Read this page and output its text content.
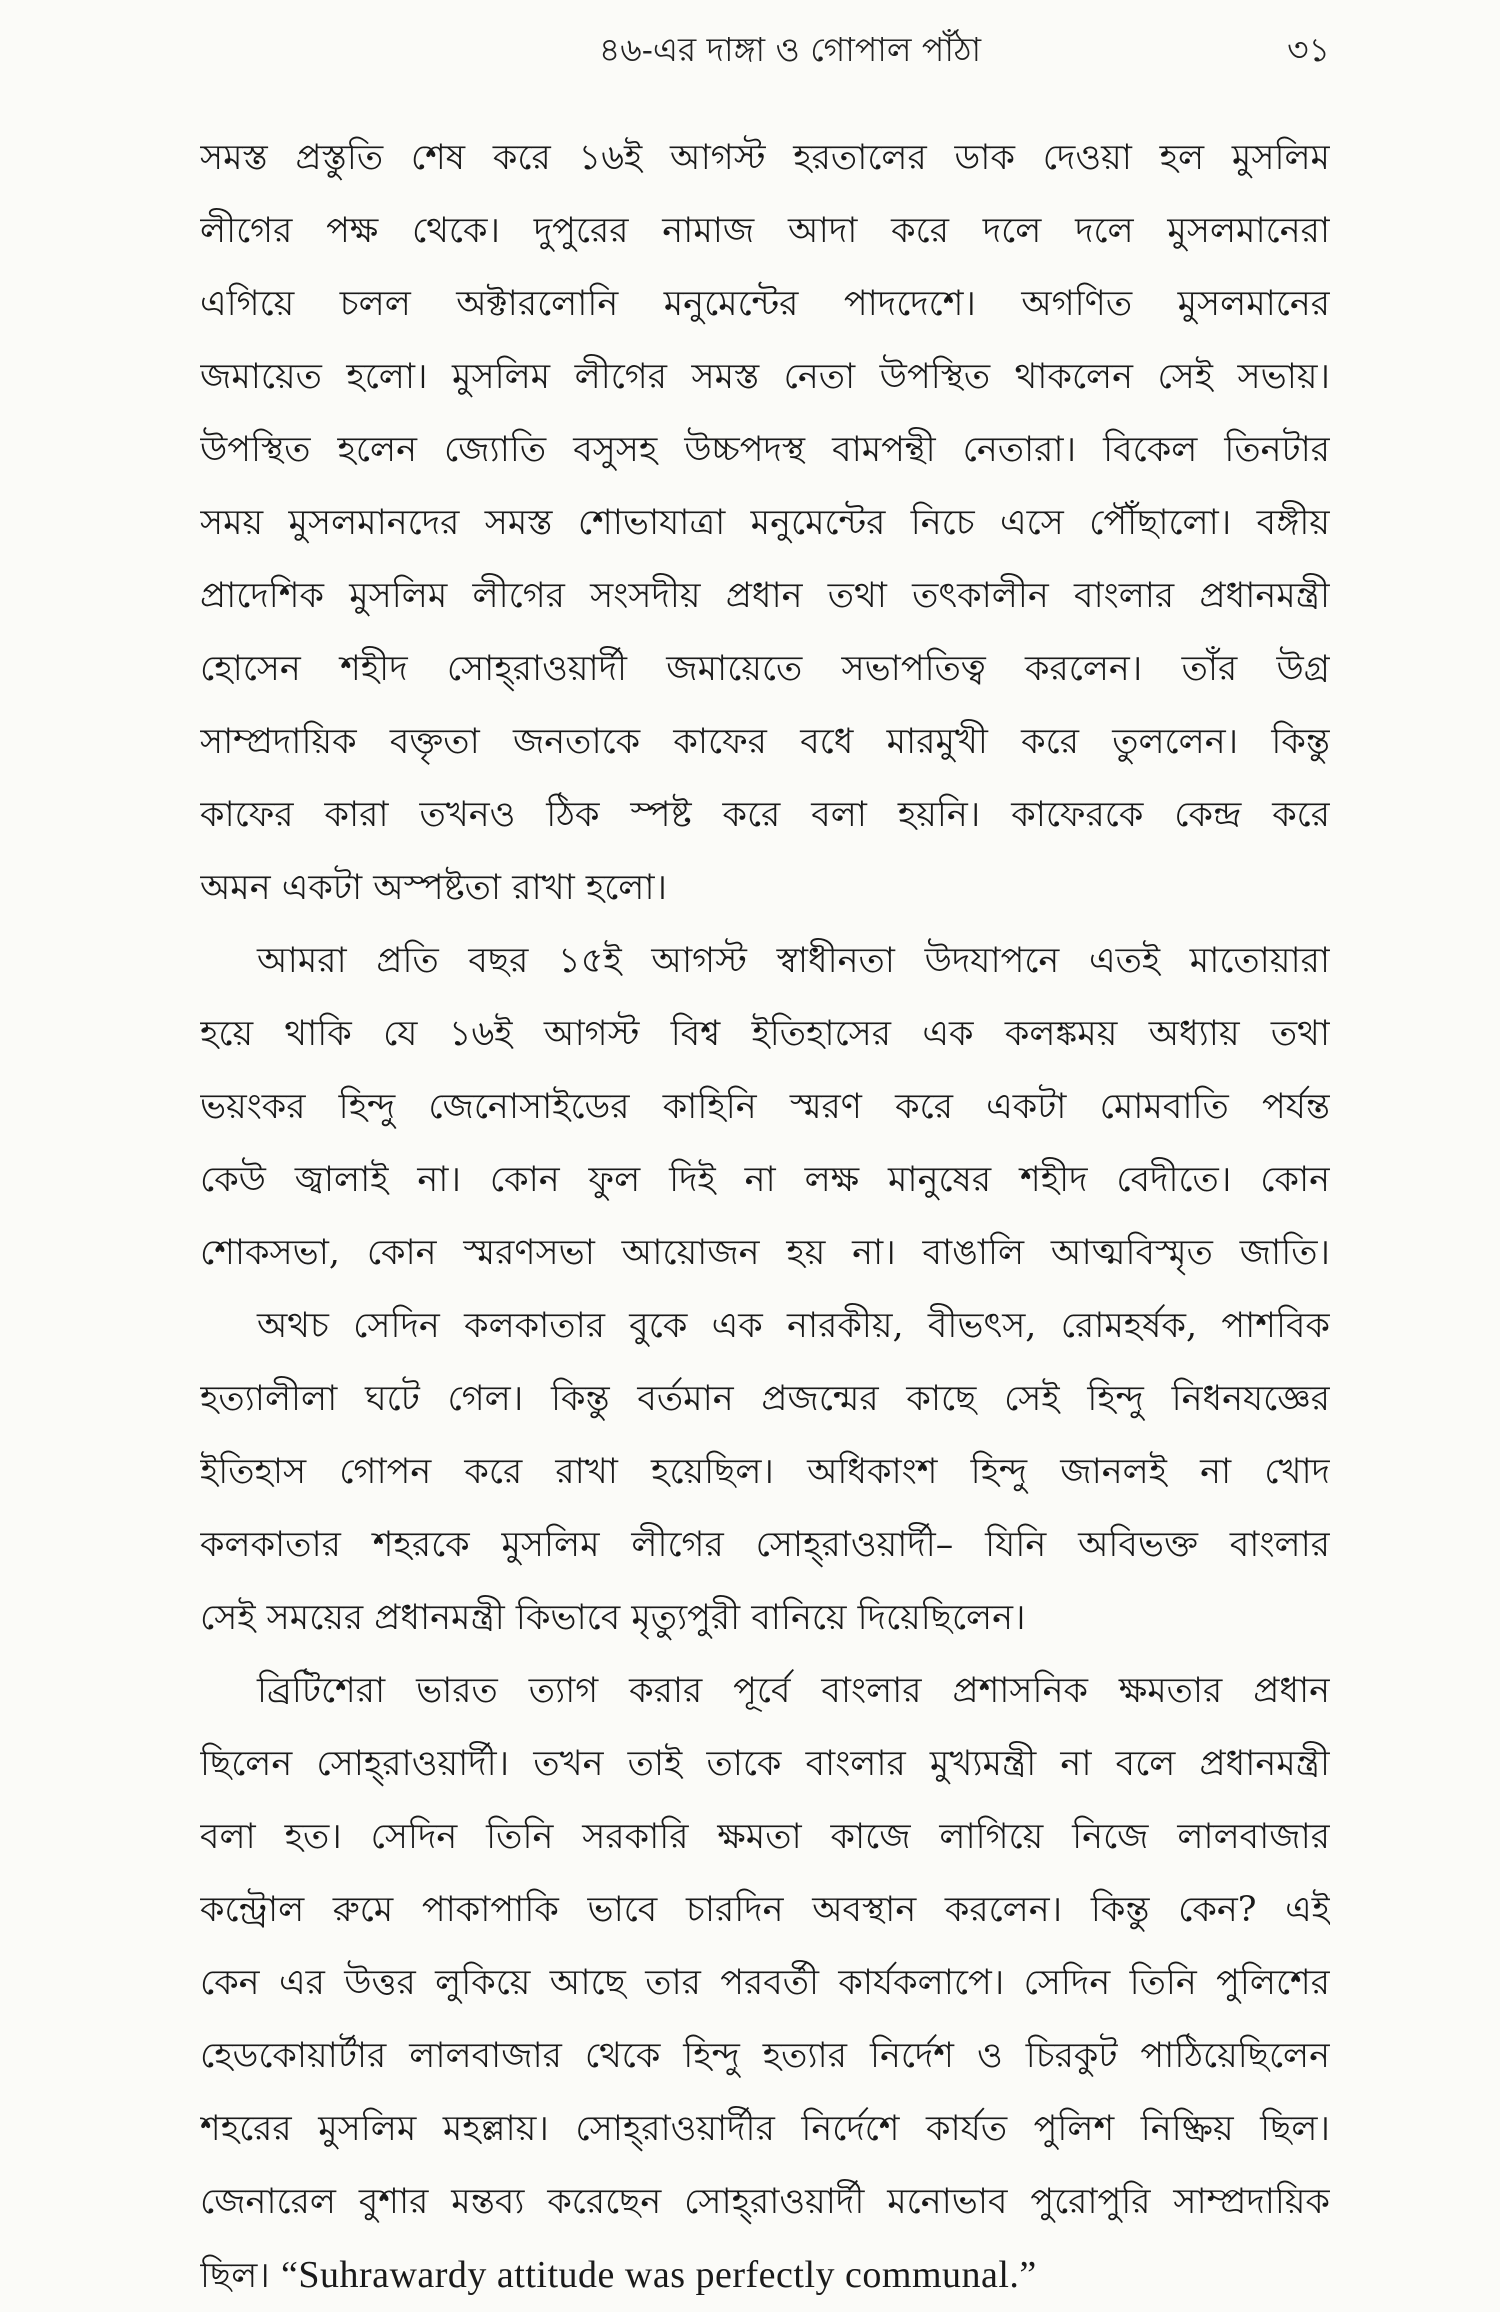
৪৬-এর দাঙ্গা ও গোপাল পাঁঠা	৩১
সমস্ত প্রস্তুতি শেষ করে ১৬ই আগস্ট হরতালের ডাক দেওয়া হল মুসলিম
লীগের পক্ষ থেকে। দুপুরের নামাজ আদা করে দলে দলে মুসলমানেরা
এগিয়ে চলল অক্টারলোনি মনুমেন্টের পাদদেশে। অগণিত মুসলমানের
জমায়েত হলো। মুসলিম লীগের সমস্ত নেতা উপস্থিত থাকলেন সেই সভায়।
উপস্থিত হলেন জ্যোতি বসুসহ উচ্চপদস্থ বামপন্থী নেতারা। বিকেল তিনটার
সময় মুসলমানদের সমস্ত শোভাযাত্রা মনুমেন্টের নিচে এসে পৌঁছালো। বঙ্গীয়
প্রাদেশিক মুসলিম লীগের সংসদীয় প্রধান তথা তৎকালীন বাংলার প্রধানমন্ত্রী
হোসেন শহীদ সোহ্‌রাওয়ার্দী জমায়েতে সভাপতিত্ব করলেন। তাঁর উগ্র
সাম্প্রদায়িক বক্তৃতা জনতাকে কাফের বধে মারমুখী করে তুললেন। কিন্তু
কাফের কারা তখনও ঠিক স্পষ্ট করে বলা হয়নি। কাফেরকে কেন্দ্র করে
অমন একটা অস্পষ্টতা রাখা হলো।
আমরা প্রতি বছর ১৫ই আগস্ট স্বাধীনতা উদযাপনে এতই মাতোয়ারা
হয়ে থাকি যে ১৬ই আগস্ট বিশ্ব ইতিহাসের এক কলঙ্কময় অধ্যায় তথা
ভয়ংকর হিন্দু জেনোসাইডের কাহিনি স্মরণ করে একটা মোমবাতি পর্যন্ত
কেউ জ্বালাই না। কোন ফুল দিই না লক্ষ মানুষের শহীদ বেদীতে। কোন
শোকসভা, কোন স্মরণসভা আয়োজন হয় না। বাঙালি আত্মবিস্মৃত জাতি।
অথচ সেদিন কলকাতার বুকে এক নারকীয়, বীভৎস, রোমহর্ষক, পাশবিক
হত্যালীলা ঘটে গেল। কিন্তু বর্তমান প্রজন্মের কাছে সেই হিন্দু নিধনযজ্ঞের
ইতিহাস গোপন করে রাখা হয়েছিল। অধিকাংশ হিন্দু জানলই না খোদ
কলকাতার শহরকে মুসলিম লীগের সোহ্‌রাওয়ার্দী– যিনি অবিভক্ত বাংলার
সেই সময়ের প্রধানমন্ত্রী কিভাবে মৃত্যুপুরী বানিয়ে দিয়েছিলেন।
ব্রিটিশেরা ভারত ত্যাগ করার পূর্বে বাংলার প্রশাসনিক ক্ষমতার প্রধান
ছিলেন সোহ্‌রাওয়ার্দী। তখন তাই তাকে বাংলার মুখ্যমন্ত্রী না বলে প্রধানমন্ত্রী
বলা হত। সেদিন তিনি সরকারি ক্ষমতা কাজে লাগিয়ে নিজে লালবাজার
কন্ট্রোল রুমে পাকাপাকি ভাবে চারদিন অবস্থান করলেন। কিন্তু কেন? এই
কেন এর উত্তর লুকিয়ে আছে তার পরবর্তী কার্যকলাপে। সেদিন তিনি পুলিশের
হেডকোয়ার্টার লালবাজার থেকে হিন্দু হত্যার নির্দেশ ও চিরকুট পাঠিয়েছিলেন
শহরের মুসলিম মহল্লায়। সোহ্‌রাওয়ার্দীর নির্দেশে কার্যত পুলিশ নিষ্ক্রিয় ছিল।
জেনারেল বুশার মন্তব্য করেছেন সোহ্‌রাওয়ার্দী মনোভাব পুরোপুরি সাম্প্রদায়িক
ছিল। “Suhrawardy attitude was perfectly communal.”
